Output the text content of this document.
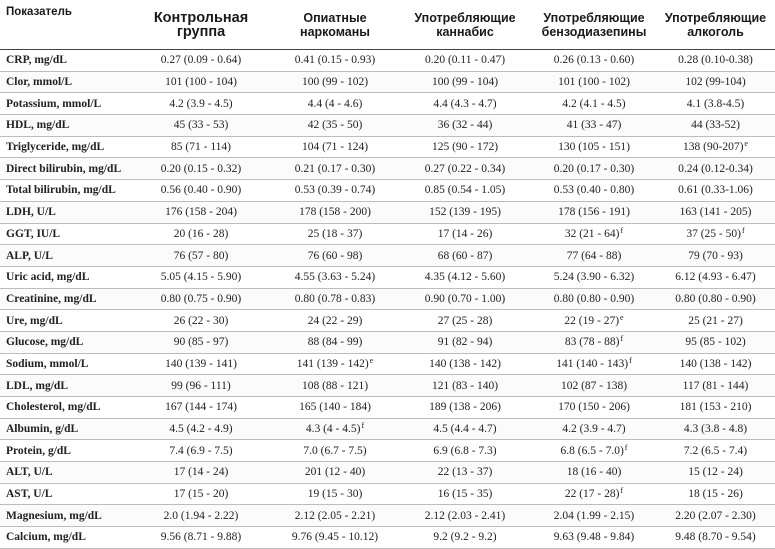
Показатель	Контрольная группа	Опиатные наркоманы	Употребляющие каннабис	Употребляющие бензодиазепины	Употребляющие алкоголь
CRP, mg/dL	0.27 (0.09 - 0.64)	0.41 (0.15 - 0.93)	0.20 (0.11 - 0.47)	0.26 (0.13 - 0.60)	0.28 (0.10-0.38)
Clor, mmol/L	101 (100 - 104)	100 (99 - 102)	100 (99 - 104)	101 (100 - 102)	102 (99-104)
Potassium, mmol/L	4.2 (3.9 - 4.5)	4.4 (4 - 4.6)	4.4 (4.3 - 4.7)	4.2 (4.1 - 4.5)	4.1 (3.8-4.5)
HDL, mg/dL	45 (33 - 53)	42 (35 - 50)	36 (32 - 44)	41 (33 - 47)	44 (33-52)
Triglyceride, mg/dL	85 (71 - 114)	104 (71 - 124)	125 (90 - 172)	130 (105 - 151)	138 $(90-207)^e$
Direct bilirubin, mg/dL	0.20 (0.15 - 0.32)	0.21 (0.17 - 0.30)	0.27 (0.22 - 0.34)	0.20 (0.17 - 0.30)	0.24 (0.12-0.34)
Total bilirubin, mg/dL	0.56 (0.40 - 0.90)	0.53 (0.39 - 0.74)	0.85 (0.54 - 1.05)	0.53 (0.40 - 0.80)	0.61 (0.33-1.06)
LDH, U/L	176 (158 - 204)	178 (158 - 200)	152 (139 - 195)	178 (156 - 191)	163 (141 - 205)
GGT, IU/L	20 (16 - 28)	25 (18 - 37)	17 (14 - 26)	32 (21 - 64)$^f$	37 (25 - 50)$^f$
ALP, U/L	76 (57 - 80)	76 (60 - 98)	68 (60 - 87)	77 (64 - 88)	79 (70 - 93)
Uric acid, mg/dL	5.05 (4.15 - 5.90)	4.55 (3.63 - 5.24)	4.35 (4.12 - 5.60)	5.24 (3.90 - 6.32)	6.12 (4.93 - 6.47)
Creatinine, mg/dL	0.80 (0.75 - 0.90)	0.80 (0.78 - 0.83)	0.90 (0.70 - 1.00)	0.80 (0.80 - 0.90)	0.80 (0.80 - 0.90)
Ure, mg/dL	26 (22 - 30)	24 (22 - 29)	27 (25 - 28)	22 (19 - 27)$^e$	25 (21 - 27)
Glucose, mg/dL	90 (85 - 97)	88 (84 - 99)	91 (82 - 94)	83 (78 - 88)$^f$	95 (85 - 102)
Sodium, mmol/L	140 (139 - 141)	141 (139 - 142)$^e$	140 (138 - 142)	141 (140 - 143)$^f$	140 (138 - 142)
LDL, mg/dL	99 (96 - 111)	108 (88 - 121)	121 (83 - 140)	102 (87 - 138)	117 (81 - 144)
Cholesterol, mg/dL	167 (144 - 174)	165 (140 - 184)	189 (138 - 206)	170 (150 - 206)	181 (153 - 210)
Albumin, g/dL	4.5 (4.2 - 4.9)	4.3 (4 - 4.5)$^f$	4.5 (4.4 - 4.7)	4.2 (3.9 - 4.7)	4.3 (3.8 - 4.8)
Protein, g/dL	7.4 (6.9 - 7.5)	7.0 (6.7 - 7.5)	6.9 (6.8 - 7.3)	6.8 (6.5 - 7.0)$^f$	7.2 (6.5 - 7.4)
ALT, U/L	17 (14 - 24)	201 (12 - 40)	22 (13 - 37)	18 (16 - 40)	15 (12 - 24)
AST, U/L	17 (15 - 20)	19 (15 - 30)	16 (15 - 35)	22 (17 - 28)$^f$	18 (15 - 26)
Magnesium, mg/dL	2.0 (1.94 - 2.22)	2.12 (2.05 - 2.21)	2.12 (2.03 - 2.41)	2.04 (1.99 - 2.15)	2.20 (2.07 - 2.30)
Calcium, mg/dL	9.56 (8.71 - 9.88)	9.76 (9.45 - 10.12)	9.2 (9.2 - 9.2)	9.63 (9.48 - 9.84)	9.48 (8.70 - 9.54)
